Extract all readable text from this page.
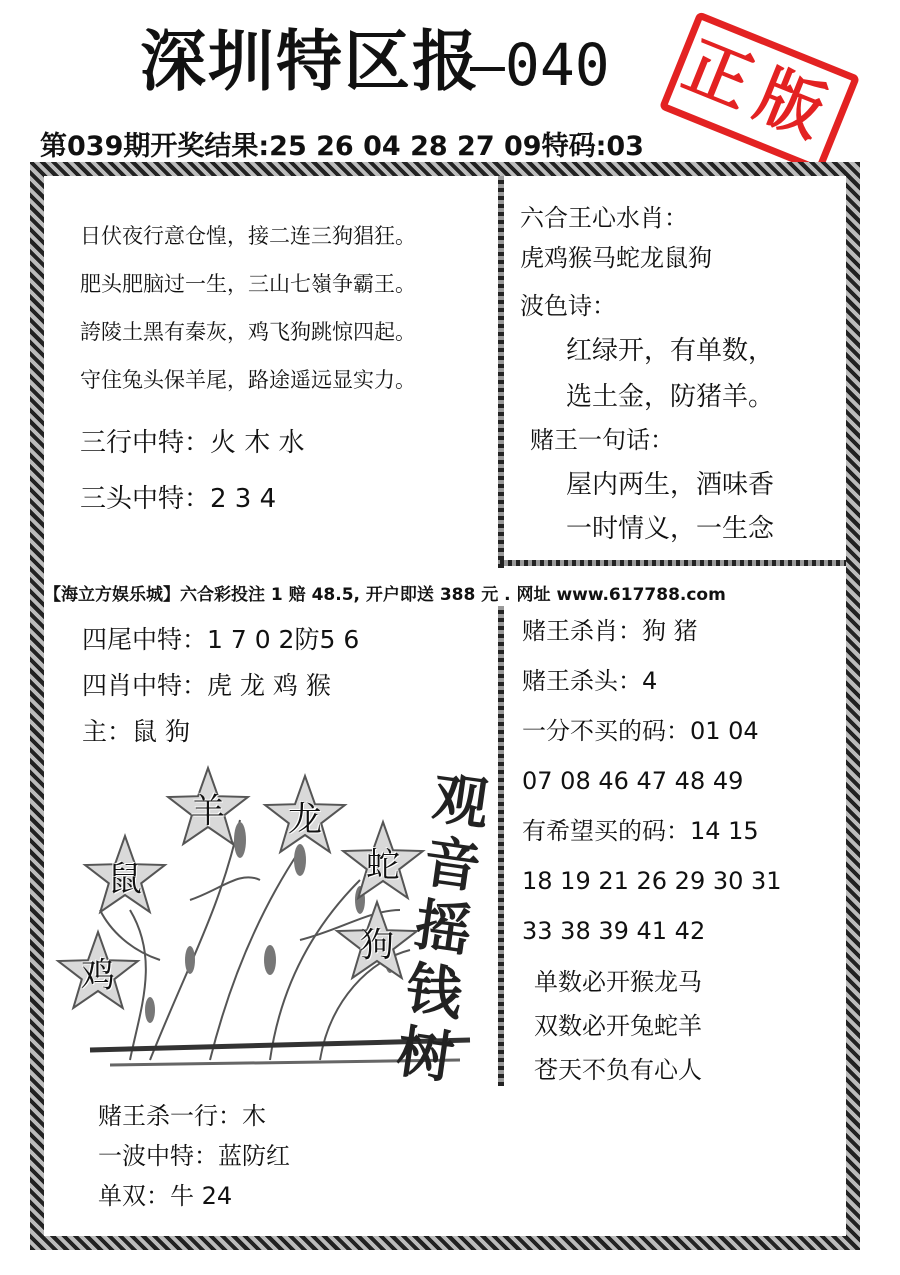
深圳特区报
—040 正版
第039期开奖结果:25 26 04 28 27 09特码:03
日伏夜行意仓惶，接二连三狗猖狂。
肥头肥脑过一生，三山七嶺争霸王。
誇陵土黑有秦灰，鸡飞狗跳惊四起。
守住兔头保羊尾，路途遥远显实力。
三行中特：火 木 水
三头中特：2 3 4
六合王心水肖：
虎鸡猴马蛇龙鼠狗
波色诗：
红绿开，有单数，
选土金，防猪羊。
赌王一句话：
屋内两生，酒味香
一时情义，一生念
【海立方娱乐城】六合彩投注 1 赔 48.5, 开户即送 388 元 . 网址 www.617788.com
四尾中特：1 7 0 2防5 6
四肖中特：虎 龙 鸡 猴
主：鼠 狗
羊 龙
鼠	蛇
狗
鸡
观音摇钱树
赌王杀一行：木
一波中特：蓝防红
单双：牛 24
赌王杀肖：狗 猪
赌王杀头：4
一分不买的码：01 04
07 08 46 47 48 49
有希望买的码：14 15
18 19 21 26 29 30 31
33 38 39 41 42
单数必开猴龙马
双数必开兔蛇羊
苍天不负有心人
